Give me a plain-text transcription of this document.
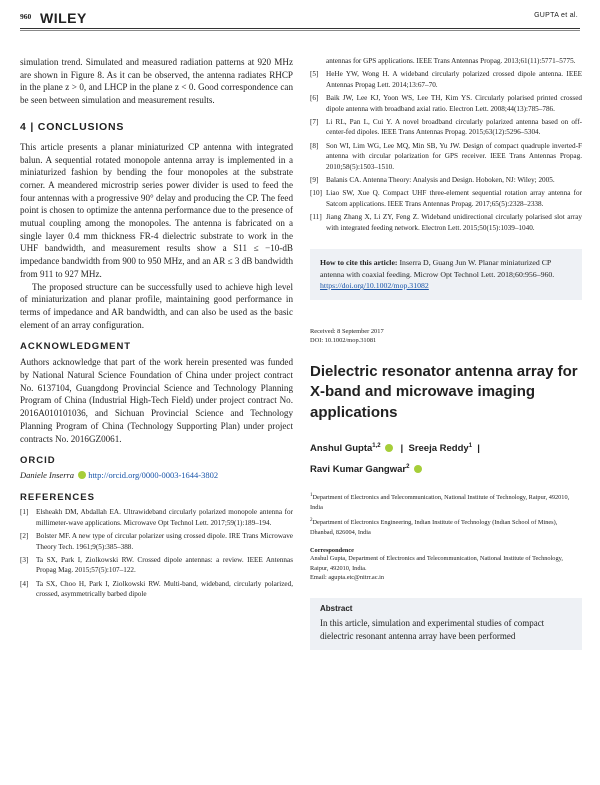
960 WILEY	GUPTA et al.

simulation trend. Simulated and measured radiation patterns at 920 MHz are shown in Figure 8. As it can be observed, the antenna radiates RHCP in the plane z > 0, and LHCP in the plane z < 0. Good correspondence can be seen between simulation and measurement results.

4 | CONCLUSIONS

This article presents a planar miniaturized CP antenna with integrated balun. A sequential rotated monopole antenna array is implemented in a miniaturized fashion by bending the four monopoles at the substrate corner. A meandered microstrip series power divider is used to feed the four antennas with a progressive 90° delay and producing the CP. The feed point is chosen to optimize the antenna performance due to the presence of mutual coupling among the monopoles. The antenna is fabricated on a single layer 0.4 mm thickness FR-4 dielectric substrate to work in the UHF bandwidth, and measurement results show a S11 ≤ −10-dB impedance bandwidth from 900 to 950 MHz, and an AR ≤ 3 dB bandwidth from 911 to 927 MHz.

The proposed structure can be successfully used to achieve high level of miniaturization and planar profile, maintaining good performance in terms of impedance and AR bandwidth, and can also be used as the basic element of an array configuration.

ACKNOWLEDGMENT

Authors acknowledge that part of the work herein presented was funded by National Natural Science Foundation of China under project contract No. 6137104, Guangdong Provincial Science and Technology Planning Program of China (Industrial High-Tech Field) under project contract No. 2016A010101036, and Sichuan Provincial Science and Technology Planning Program of China (Technology Supporting Plan) under project contracts No. 2016GZ0061.

ORCID
Daniele Inserra http://orcid.org/0000-0003-1644-3802
REFERENCES
[1]	Elsheakh DM, Abdallah EA. Ultrawideband circularly polarized monopole antenna for millimeter-wave applications. Microwave Opt Technol Lett. 2017;59(1):189–194.
[2]	Bolster MF. A new type of circular polarizer using crossed dipole. IRE Trans Microwave Theory Tech. 1961;9(5):385–388.
[3]	Ta SX, Park I, Ziolkowski RW. Crossed dipole antennas: a review. IEEE Antennas Propag Mag. 2015;57(5):107–122.
[4]	Ta SX, Choo H, Park I, Ziolkowski RW. Multi-band, wideband, circularly polarized, crossed, asymmetrically barbed dipole
antennas for GPS applications. IEEE Trans Antennas Propag. 2013;61(11):5771–5775.
[5]	HeHe YW, Wong H. A wideband circularly polarized crossed dipole antenna. IEEE Antennas Propag Lett. 2014;13:67–70.
[6]	Baik JW, Lee KJ, Yoon WS, Lee TH, Kim YS. Circularly polarised printed crossed dipole antenna with broadband axial ratio. Electron Lett. 2008;44(13):785–786.
[7]	Li RL, Pan L, Cui Y. A novel broadband circularly polarized antenna based on off-center-fed dipoles. IEEE Trans Antennas Propag. 2015;63(12):5296–5304.
[8]	Son WI, Lim WG, Lee MQ, Min SB, Yu JW. Design of compact quadruple inverted-F antenna with circular polarization for GPS receiver. IEEE Trans Antennas Propag. 2010;58(5):1503–1510.
[9]	Balanis CA. Antenna Theory: Analysis and Design. Hoboken, NJ: Wiley; 2005.
[10] Liao SW, Xue Q. Compact UHF three-element sequential rotation array antenna for Satcom applications. IEEE Trans Antennas Propag. 2017;65(5):2328–2338.
[11] Jiang Zhang X, Li ZY, Feng Z. Wideband unidirectional circularly polarised slot array with integrated feeding network. Electron Lett. 2015;50(15):1039–1040.
How to cite this article: Inserra D, Guang Jun W. Planar miniaturized CP antenna with coaxial feeding. Microw Opt Technol Lett. 2018;60:956–960. https://doi.org/10.1002/mop.31082
Received: 8 September 2017
DOI: 10.1002/mop.31081
Dielectric resonator antenna array for X-band and microwave imaging applications
Anshul Gupta$^{1,2}$   |  Sreeja Reddy$^1$  |
Ravi Kumar Gangwar$^2$
$^1$Department of Electronics and Telecommunication, National Institute of Technology, Raipur, 492010, India
$^2$Department of Electronics Engineering, Indian Institute of Technology (Indian School of Mines), Dhanbad, 826004, India
Correspondence
Anshul Gupta, Department of Electronics and Telecommunication, National Institute of Technology, Raipur, 492010, India.
Email: agupta.etc@nitrr.ac.in
Abstract
In this article, simulation and experimental studies of compact dielectric resonant antenna array have been performed
